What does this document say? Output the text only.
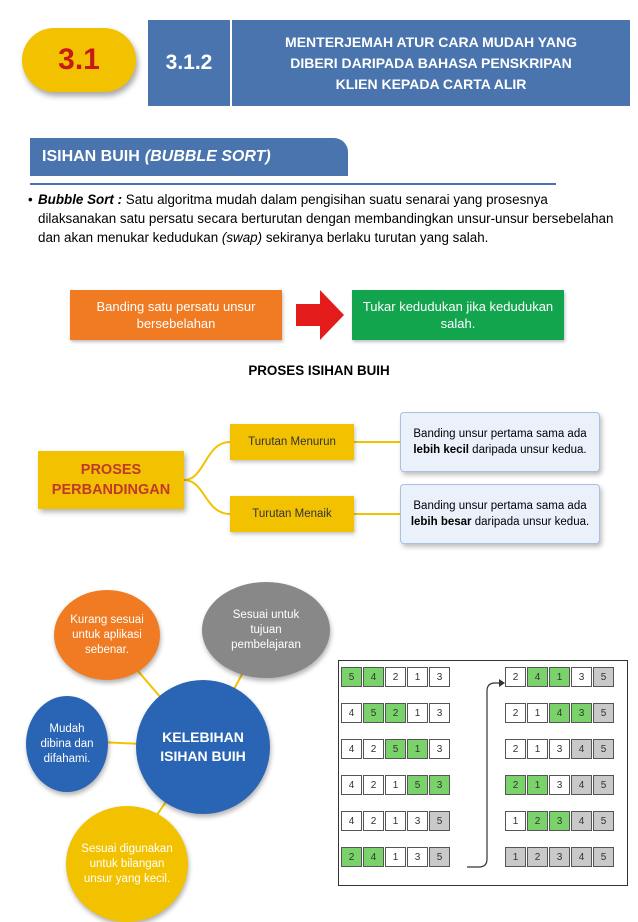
3.1	3.1.2
MENTERJEMAH ATUR CARA MUDAH YANG
DIBERI DARIPADA BAHASA PENSKRIPAN
KLIEN KEPADA CARTA ALIR
ISIHAN BUIH (BUBBLE SORT)
• Bubble Sort : Satu algoritma mudah dalam pengisihan suatu senarai yang prosesnya dilaksanakan satu persatu secara berturutan dengan membandingkan unsur-unsur bersebelahan dan akan menukar kedudukan (swap) sekiranya berlaku turutan yang salah.
Banding satu persatu unsur bersebelahan
Tukar kedudukan jika kedudukan salah.
PROSES ISIHAN BUIH
PROSES PERBANDINGAN
Turutan Menurun
Turutan Menaik
Banding unsur pertama sama ada lebih kecil daripada unsur kedua.
Banding unsur pertama sama ada lebih besar daripada unsur kedua.
Kurang sesuai untuk aplikasi sebenar.
Sesuai untuk tujuan pembelajaran
Mudah dibina dan difahami.
Sesuai digunakan untuk bilangan unsur yang kecil.
KELEBIHAN ISIHAN BUIH
5	4	2	1	3
4	5	2	1	3
4	2	5	1	3
4	2	1	5	3
4	2	1	3	5
2	4	1	3	5
2	4	1	3	5
2	1	4	3	5
2	1	3	4	5
2	1	3	4	5
1	2	3	4	5
1	2	3	4	5
